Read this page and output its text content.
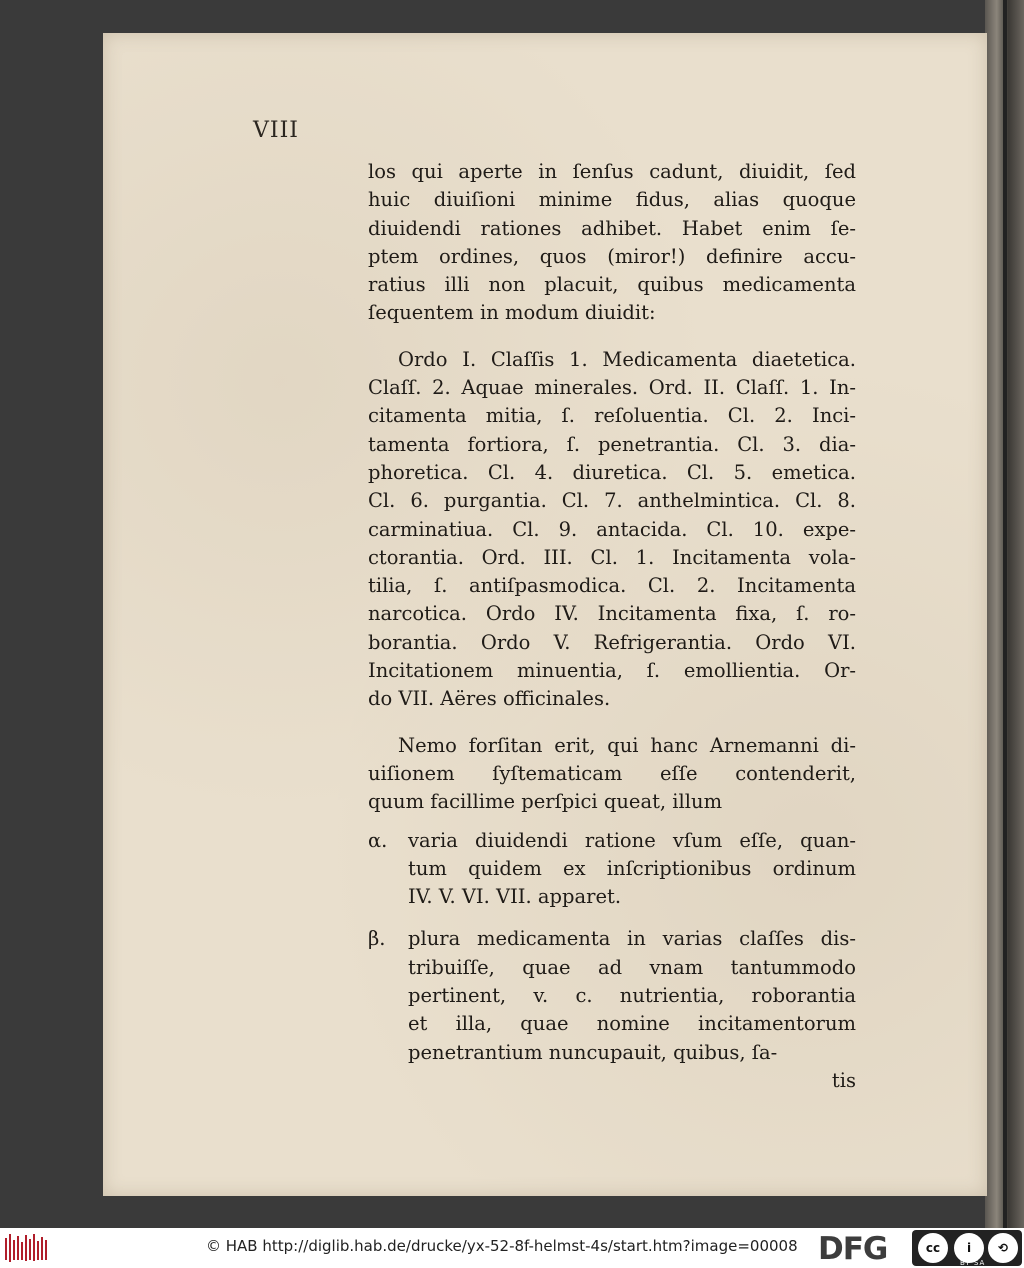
VIII
los qui aperte in ſenſus cadunt, diuidit, ſed
huic diuiſioni minime fidus, alias quoque
diuidendi rationes adhibet. Habet enim ſe-
ptem ordines, quos (miror!) definire accu-
ratius illi non placuit, quibus medicamenta
ſequentem in modum diuidit:
Ordo I. Claſſis 1. Medicamenta diaetetica.
Claſſ. 2. Aquae minerales. Ord. II. Claſſ. 1. In-
citamenta mitia, ſ. reſoluentia. Cl. 2. Inci-
tamenta fortiora, ſ. penetrantia. Cl. 3. dia-
phoretica. Cl. 4. diuretica. Cl. 5. emetica.
Cl. 6. purgantia. Cl. 7. anthelmintica. Cl. 8.
carminatiua. Cl. 9. antacida. Cl. 10. expe-
ctorantia. Ord. III. Cl. 1. Incitamenta vola-
tilia, ſ. antiſpasmodica. Cl. 2. Incitamenta
narcotica. Ordo IV. Incitamenta fixa, ſ. ro-
borantia. Ordo V. Refrigerantia. Ordo VI.
Incitationem minuentia, ſ. emollientia. Or-
do VII. Aëres officinales.
Nemo forſitan erit, qui hanc Arnemanni di-
uiſionem ſyſtematicam eſſe contenderit,
quum facillime perſpici queat, illum
α. varia diuidendi ratione vſum eſſe, quan-
tum quidem ex inſcriptionibus ordinum
IV. V. VI. VII. apparet.
β. plura medicamenta in varias claſſes dis-
tribuiſſe, quae ad vnam tantummodo
pertinent, v. c. nutrientia, roborantia
et illa, quae nomine incitamentorum
penetrantium nuncupauit, quibus, ſa-
tis
© HAB http://diglib.hab.de/drucke/yx-52-8f-helmst-4s/start.htm?image=00008 DFG	cc	i	⟲
BY SA
